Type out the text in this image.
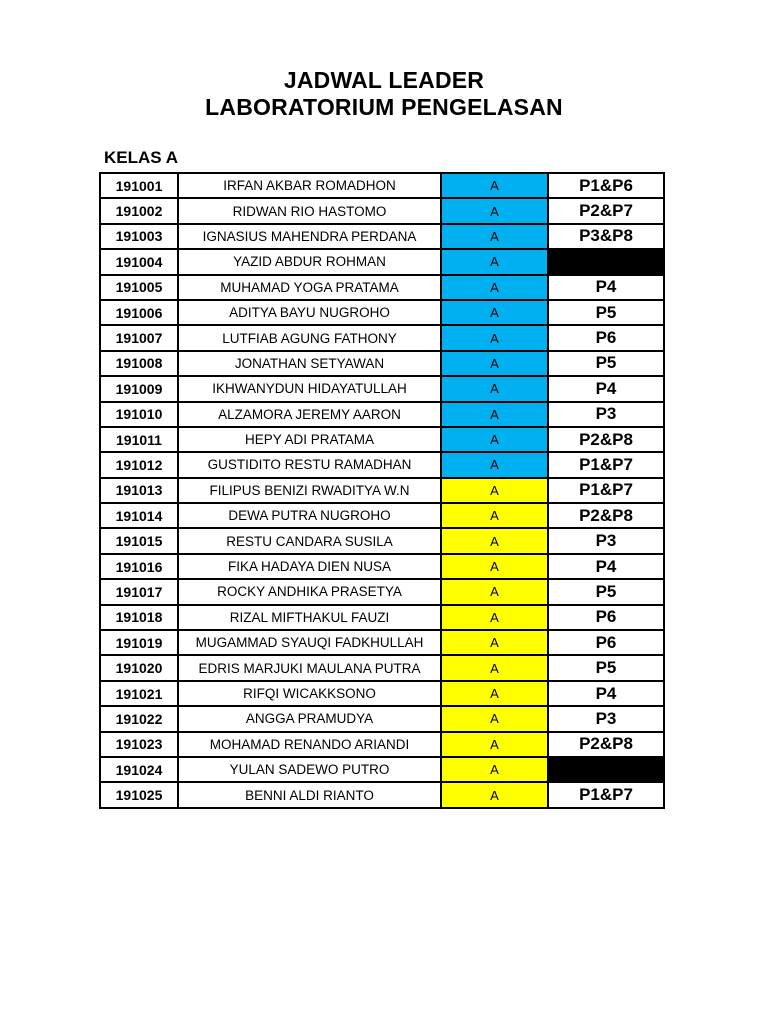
JADWAL LEADER
LABORATORIUM PENGELASAN
KELAS A
191001	IRFAN AKBAR ROMADHON	A	P1&P6
191002	RIDWAN RIO HASTOMO	A	P2&P7
191003	IGNASIUS MAHENDRA PERDANA	A	P3&P8
191004	YAZID ABDUR ROHMAN	A	
191005	MUHAMAD YOGA PRATAMA	A	P4
191006	ADITYA BAYU NUGROHO	A	P5
191007	LUTFIAB AGUNG FATHONY	A	P6
191008	JONATHAN SETYAWAN	A	P5
191009	IKHWANYDUN HIDAYATULLAH	A	P4
191010	ALZAMORA JEREMY AARON	A	P3
191011	HEPY ADI PRATAMA	A	P2&P8
191012	GUSTIDITO RESTU RAMADHAN	A	P1&P7
191013	FILIPUS BENIZI RWADITYA W.N	A	P1&P7
191014	DEWA PUTRA NUGROHO	A	P2&P8
191015	RESTU CANDARA SUSILA	A	P3
191016	FIKA HADAYA DIEN NUSA	A	P4
191017	ROCKY ANDHIKA PRASETYA	A	P5
191018	RIZAL MIFTHAKUL FAUZI	A	P6
191019	MUGAMMAD SYAUQI FADKHULLAH	A	P6
191020	EDRIS MARJUKI MAULANA PUTRA	A	P5
191021	RIFQI WICAKKSONO	A	P4
191022	ANGGA PRAMUDYA	A	P3
191023	MOHAMAD RENANDO ARIANDI	A	P2&P8
191024	YULAN SADEWO PUTRO	A	
191025	BENNI ALDI RIANTO	A	P1&P7
